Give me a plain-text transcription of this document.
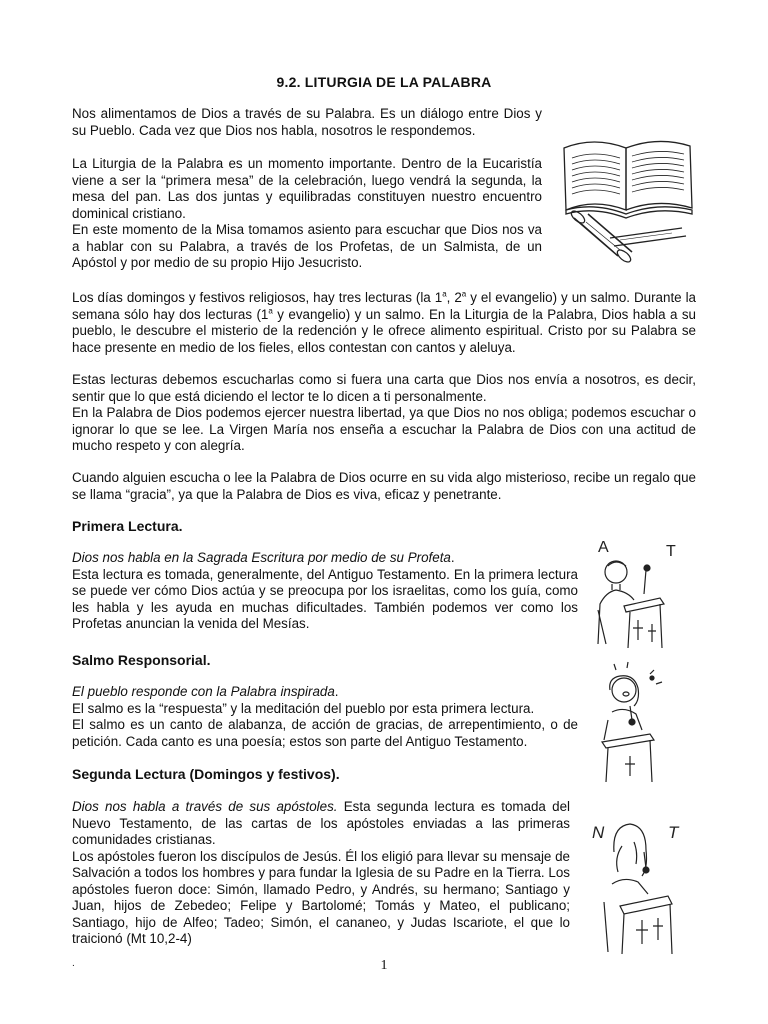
9.2. LITURGIA DE LA PALABRA

Nos alimentamos de Dios a través de su Palabra. Es un diálogo entre Dios y su Pueblo. Cada vez que Dios nos habla, nosotros le respondemos.

La Liturgia de la Palabra es un momento importante. Dentro de la Eucaristía viene a ser la “primera mesa” de la celebración, luego vendrá la segunda, la mesa del pan. Las dos juntas y equilibradas constituyen nuestro encuentro dominical cristiano.

En este momento de la Misa tomamos asiento para escuchar que Dios nos va a hablar con su Palabra, a través de los Profetas, de un Salmista, de un Apóstol y por medio de su propio Hijo Jesucristo.

Los días domingos y festivos religiosos, hay tres lecturas (la 1$^a$, 2$^a$ y el evangelio) y un salmo. Durante la semana sólo hay dos lecturas (1$^a$ y evangelio) y un salmo. En la Liturgia de la Palabra, Dios habla a su pueblo, le descubre el misterio de la redención y le ofrece alimento espiritual. Cristo por su Palabra se hace presente en medio de los fieles, ellos contestan con cantos y aleluya.

Estas lecturas debemos escucharlas como si fuera una carta que Dios nos envía a nosotros, es decir, sentir que lo que está diciendo el lector te lo dicen a ti personalmente.

En la Palabra de Dios podemos ejercer nuestra libertad, ya que Dios no nos obliga; podemos escuchar o ignorar lo que se lee. La Virgen María nos enseña a escuchar la Palabra de Dios con una actitud de mucho respeto y con alegría.

Cuando alguien escucha o lee la Palabra de Dios ocurre en su vida algo misterioso, recibe un regalo que se llama “gracia”, ya que la Palabra de Dios es viva, eficaz y penetrante.

Primera Lectura.

Dios nos habla en la Sagrada Escritura por medio de su Profeta.

Esta lectura es tomada, generalmente, del Antiguo Testamento. En la primera lectura se puede ver cómo Dios actúa y se preocupa por los israelitas, como los guía, como les habla y les ayuda en muchas dificultades. También podemos ver como los Profetas anuncian la venida del Mesías.

A	T
Salmo Responsorial.

El pueblo responde con la Palabra inspirada.

El salmo es la “respuesta” y la meditación del pueblo por esta primera lectura.

El salmo es un canto de alabanza, de acción de gracias, de arrepentimiento, o de petición. Cada canto es una poesía; estos son parte del Antiguo Testamento.

Segunda Lectura (Domingos y festivos).

Dios nos habla a través de sus apóstoles. Esta segunda lectura es tomada del Nuevo Testamento, de las cartas de los apóstoles enviadas a las primeras comunidades cristianas.

Los apóstoles fueron los discípulos de Jesús. Él los eligió para llevar su mensaje de Salvación a todos los hombres y para fundar la Iglesia de su Padre en la Tierra. Los apóstoles fueron doce: Simón, llamado Pedro, y Andrés, su hermano; Santiago y Juan, hijos de Zebedeo; Felipe y Bartolomé; Tomás y Mateo, el publicano; Santiago, hijo de Alfeo; Tadeo; Simón, el cananeo, y Judas Iscariote, el que lo traicionó (Mt 10,2-4)

N	T
.	1
